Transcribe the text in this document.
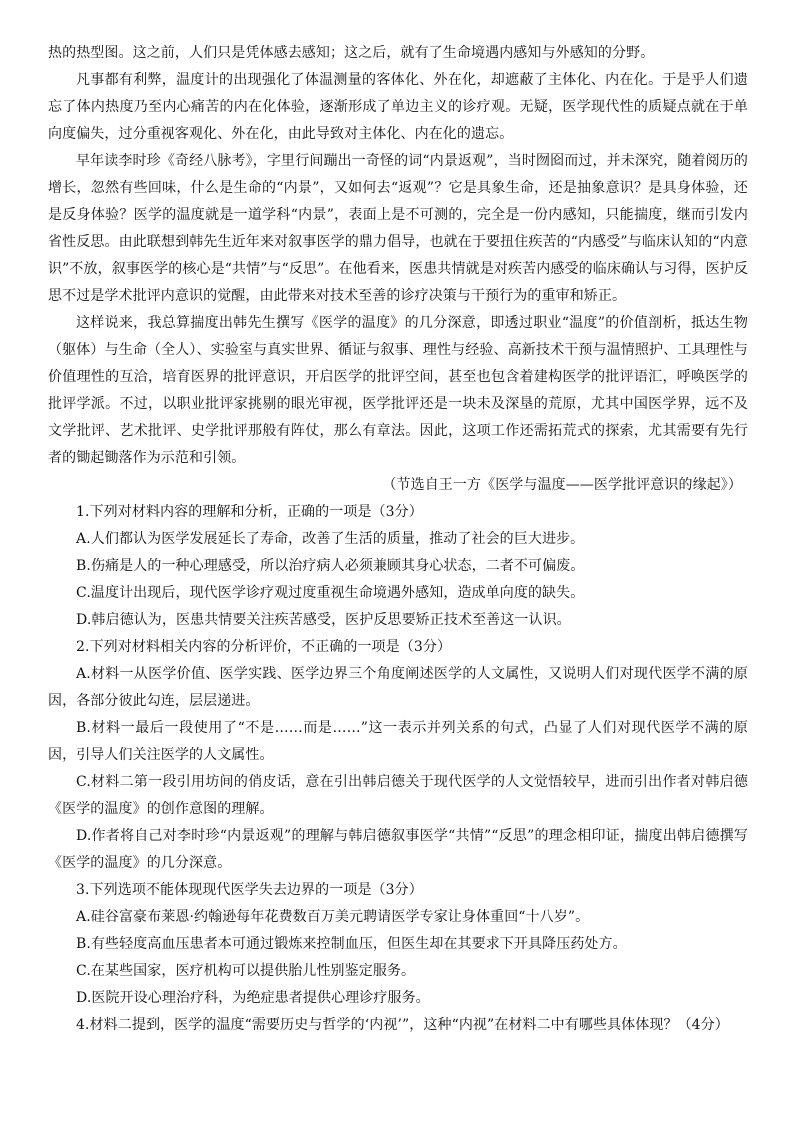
热的热型图。这之前，人们只是凭体感去感知；这之后，就有了生命境遇内感知与外感知的分野。

凡事都有利弊，温度计的出现强化了体温测量的客体化、外在化，却遮蔽了主体化、内在化。于是乎人们遗忘了体内热度乃至内心痛苦的内在化体验，逐渐形成了单边主义的诊疗观。无疑，医学现代性的质疑点就在于单向度偏失，过分重视客观化、外在化，由此导致对主体化、内在化的遗忘。

早年读李时珍《奇经八脉考》，字里行间蹦出一奇怪的词“内景返观”，当时囫囵而过，并未深究，随着阅历的增长，忽然有些回味，什么是生命的“内景”，又如何去“返观”？它是具象生命，还是抽象意识？是具身体验，还是反身体验？医学的温度就是一道学科“内景”，表面上是不可测的，完全是一份内感知，只能揣度，继而引发内省性反思。由此联想到韩先生近年来对叙事医学的鼎力倡导，也就在于要扭住疾苦的“内感受”与临床认知的“内意识”不放，叙事医学的核心是“共情”与“反思”。在他看来，医患共情就是对疾苦内感受的临床确认与习得，医护反思不过是学术批评内意识的觉醒，由此带来对技术至善的诊疗决策与干预行为的重审和矫正。

这样说来，我总算揣度出韩先生撰写《医学的温度》的几分深意，即透过职业“温度”的价值剖析，抵达生物（躯体）与生命（全人）、实验室与真实世界、循证与叙事、理性与经验、高新技术干预与温情照护、工具理性与价值理性的互洽，培育医界的批评意识，开启医学的批评空间，甚至也包含着建构医学的批评语汇，呼唤医学的批评学派。不过，以职业批评家挑剔的眼光审视，医学批评还是一块未及深垦的荒原，尤其中国医学界，远不及文学批评、艺术批评、史学批评那般有阵仗，那么有章法。因此，这项工作还需拓荒式的探索，尤其需要有先行者的锄起锄落作为示范和引领。

（节选自王一方《医学与温度——医学批评意识的缘起》）

1.下列对材料内容的理解和分析，正确的一项是（3分）

A.人们都认为医学发展延长了寿命，改善了生活的质量，推动了社会的巨大进步。

B.伤痛是人的一种心理感受，所以治疗病人必须兼顾其身心状态，二者不可偏废。

C.温度计出现后，现代医学诊疗观过度重视生命境遇外感知，造成单向度的缺失。

D.韩启德认为，医患共情要关注疾苦感受，医护反思要矫正技术至善这一认识。

2.下列对材料相关内容的分析评价，不正确的一项是（3分）

A.材料一从医学价值、医学实践、医学边界三个角度阐述医学的人文属性，又说明人们对现代医学不满的原因，各部分彼此勾连，层层递进。

B.材料一最后一段使用了“不是……而是……”这一表示并列关系的句式，凸显了人们对现代医学不满的原因，引导人们关注医学的人文属性。

C.材料二第一段引用坊间的俏皮话，意在引出韩启德关于现代医学的人文觉悟较早，进而引出作者对韩启德《医学的温度》的创作意图的理解。

D.作者将自己对李时珍“内景返观”的理解与韩启德叙事医学“共情”“反思”的理念相印证，揣度出韩启德撰写《医学的温度》的几分深意。

3.下列选项不能体现现代医学失去边界的一项是（3分）

A.硅谷富豪布莱恩·约翰逊每年花费数百万美元聘请医学专家让身体重回“十八岁”。

B.有些轻度高血压患者本可通过锻炼来控制血压，但医生却在其要求下开具降压药处方。

C.在某些国家，医疗机构可以提供胎儿性别鉴定服务。

D.医院开设心理治疗科，为绝症患者提供心理诊疗服务。

4.材料二提到，医学的温度“需要历史与哲学的‘内视’”，这种“内视”在材料二中有哪些具体体现？（4分）
